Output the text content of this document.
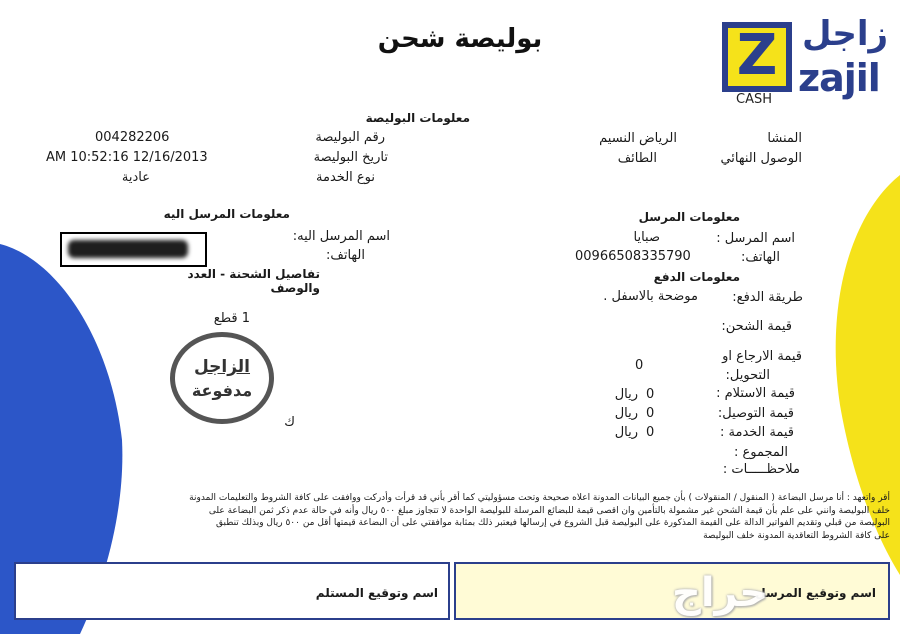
بوليصة شحن	Z زاجل
zajil
CASH
معلومات البوليصة
004282206
AM 10:52:16 12/16/2013
عادية
رقم البوليصة
تاريخ البوليصة
نوع الخدمة
الرياض النسيم
الطائف
المنشا
الوصول النهائي
معلومات المرسل
اسم المرسل :
صبايا
الهاتف:
00966508335790
معلومات المرسل اليه
اسم المرسل اليه:
الهاتف:
تفاصيل الشحنة - العدد والوصف
1 قطع
الزاجل
مدفوعة
ك
معلومات الدفع
طريقة الدفع:
موضحة بالاسفل .
قيمة الشحن:
قيمة الارجاع او
التحويل:
0
قيمة الاستلام :
0
ريال
قيمة التوصيل:
0
ريال
قيمة الخدمة :
0
ريال
المجموع :
ملاحظـــــات :
أقر واتعهد : أنا مرسل البضاعة ( المنقول / المنقولات ) بأن جميع البيانات المدونة اعلاه صحيحة وتحت مسؤوليتي كما أقر بأني قد قرأت وأدركت ووافقت على كافة الشروط والتعليمات المدونة
خلف البوليصة وانني على علم بأن قيمة الشحن غير مشمولة بالتأمين وان اقصى قيمة للبضائع المرسلة للبوليصة الواحدة لا تتجاوز مبلغ ٥٠٠ ريال وأنه في حالة عدم ذكر ثمن البضاعة على
البوليصة من قبلي وتقديم الفواتير الدالة على القيمة المذكورة على البوليصة قبل الشروع في إرسالها فيعتبر ذلك بمثابة موافقتي على أن البضاعة قيمتها أقل من ٥٠٠ ريال وبذلك تنطبق
على كافة الشروط التعاقدية المدونة خلف البوليصة
اسم وتوقيع المستلم	اسم وتوقيع المرسل
حراج
